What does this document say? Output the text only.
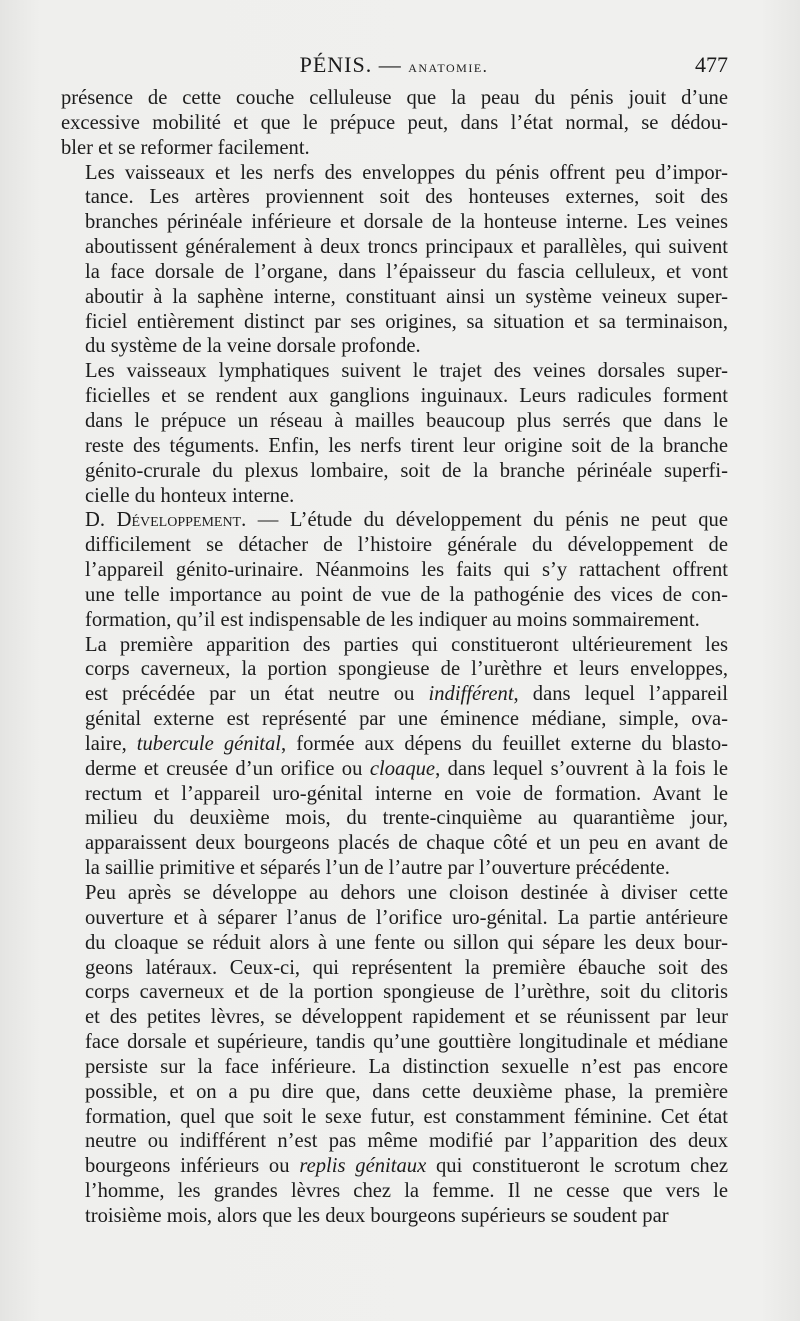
PÉNIS. — anatomie.	477

présence de cette couche celluleuse que la peau du pénis jouit d’une
excessive mobilité et que le prépuce peut, dans l’état normal, se dédou-
bler et se reformer facilement.

Les vaisseaux et les nerfs des enveloppes du pénis offrent peu d’impor-
tance. Les artères proviennent soit des honteuses externes, soit des
branches périnéale inférieure et dorsale de la honteuse interne. Les veines
aboutissent généralement à deux troncs principaux et parallèles, qui suivent
la face dorsale de l’organe, dans l’épaisseur du fascia celluleux, et vont
aboutir à la saphène interne, constituant ainsi un système veineux super-
ficiel entièrement distinct par ses origines, sa situation et sa terminaison,
du système de la veine dorsale profonde.

Les vaisseaux lymphatiques suivent le trajet des veines dorsales super-
ficielles et se rendent aux ganglions inguinaux. Leurs radicules forment
dans le prépuce un réseau à mailles beaucoup plus serrés que dans le
reste des téguments. Enfin, les nerfs tirent leur origine soit de la branche
génito-crurale du plexus lombaire, soit de la branche périnéale superfi-
cielle du honteux interne.

D. Développement. — L’étude du développement du pénis ne peut que
difficilement se détacher de l’histoire générale du développement de
l’appareil génito-urinaire. Néanmoins les faits qui s’y rattachent offrent
une telle importance au point de vue de la pathogénie des vices de con-
formation, qu’il est indispensable de les indiquer au moins sommairement.

La première apparition des parties qui constitueront ultérieurement les
corps caverneux, la portion spongieuse de l’urèthre et leurs enveloppes,
est précédée par un état neutre ou indifférent, dans lequel l’appareil
génital externe est représenté par une éminence médiane, simple, ova-
laire, tubercule génital, formée aux dépens du feuillet externe du blasto-
derme et creusée d’un orifice ou cloaque, dans lequel s’ouvrent à la fois le
rectum et l’appareil uro-génital interne en voie de formation. Avant le
milieu du deuxième mois, du trente-cinquième au quarantième jour,
apparaissent deux bourgeons placés de chaque côté et un peu en avant de
la saillie primitive et séparés l’un de l’autre par l’ouverture précédente.

Peu après se développe au dehors une cloison destinée à diviser cette
ouverture et à séparer l’anus de l’orifice uro-génital. La partie antérieure
du cloaque se réduit alors à une fente ou sillon qui sépare les deux bour-
geons latéraux. Ceux-ci, qui représentent la première ébauche soit des
corps caverneux et de la portion spongieuse de l’urèthre, soit du clitoris
et des petites lèvres, se développent rapidement et se réunissent par leur
face dorsale et supérieure, tandis qu’une gouttière longitudinale et médiane
persiste sur la face inférieure. La distinction sexuelle n’est pas encore
possible, et on a pu dire que, dans cette deuxième phase, la première
formation, quel que soit le sexe futur, est constamment féminine. Cet état
neutre ou indifférent n’est pas même modifié par l’apparition des deux
bourgeons inférieurs ou replis génitaux qui constitueront le scrotum chez
l’homme, les grandes lèvres chez la femme. Il ne cesse que vers le
troisième mois, alors que les deux bourgeons supérieurs se soudent par
